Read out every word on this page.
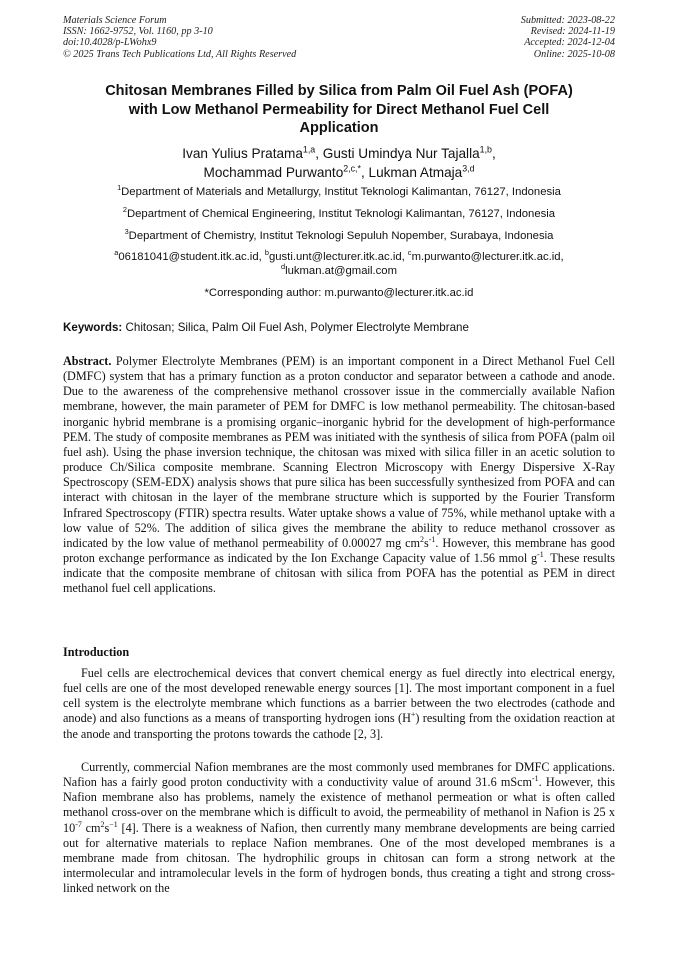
Materials Science Forum
ISSN: 1662-9752, Vol. 1160, pp 3-10
doi:10.4028/p-LWohx9
© 2025 Trans Tech Publications Ltd, All Rights Reserved
Submitted: 2023-08-22
Revised: 2024-11-19
Accepted: 2024-12-04
Online: 2025-10-08
Chitosan Membranes Filled by Silica from Palm Oil Fuel Ash (POFA)
with Low Methanol Permeability for Direct Methanol Fuel Cell
Application
Ivan Yulius Pratama$^{1,a}$, Gusti Umindya Nur Tajalla$^{1,b}$,
Mochammad Purwanto$^{2,c,*}$, Lukman Atmaja$^{3,d}$
$^1$Department of Materials and Metallurgy, Institut Teknologi Kalimantan, 76127, Indonesia
$^2$Department of Chemical Engineering, Institut Teknologi Kalimantan, 76127, Indonesia
$^3$Department of Chemistry, Institut Teknologi Sepuluh Nopember, Surabaya, Indonesia
$^a$06181041@student.itk.ac.id, $^b$gusti.unt@lecturer.itk.ac.id, $^c$m.purwanto@lecturer.itk.ac.id,
$^d$lukman.at@gmail.com
*Corresponding author: m.purwanto@lecturer.itk.ac.id
Keywords: Chitosan; Silica, Palm Oil Fuel Ash, Polymer Electrolyte Membrane
Abstract. Polymer Electrolyte Membranes (PEM) is an important component in a Direct Methanol Fuel Cell (DMFC) system that has a primary function as a proton conductor and separator between a cathode and anode. Due to the awareness of the comprehensive methanol crossover issue in the commercially available Nafion membrane, however, the main parameter of PEM for DMFC is low methanol permeability. The chitosan-based inorganic hybrid membrane is a promising organic–inorganic hybrid for the development of high-performance PEM. The study of composite membranes as PEM was initiated with the synthesis of silica from POFA (palm oil fuel ash). Using the phase inversion technique, the chitosan was mixed with silica filler in an acetic solution to produce Ch/Silica composite membrane. Scanning Electron Microscopy with Energy Dispersive X-Ray Spectroscopy (SEM-EDX) analysis shows that pure silica has been successfully synthesized from POFA and can interact with chitosan in the layer of the membrane structure which is supported by the Fourier Transform Infrared Spectroscopy (FTIR) spectra results. Water uptake shows a value of 75%, while methanol uptake with a low value of 52%. The addition of silica gives the membrane the ability to reduce methanol crossover as indicated by the low value of methanol permeability of 0.00027 mg $cm^2s^{-1}$. However, this membrane has good proton exchange performance as indicated by the Ion Exchange Capacity value of 1.56 mmol $g^{-1}$. These results indicate that the composite membrane of chitosan with silica from POFA has the potential as PEM in direct methanol fuel cell applications.
Introduction
Fuel cells are electrochemical devices that convert chemical energy as fuel directly into electrical energy, fuel cells are one of the most developed renewable energy sources [1]. The most important component in a fuel cell system is the electrolyte membrane which functions as a barrier between the two electrodes (cathode and anode) and also functions as a means of transporting hydrogen ions (H+) resulting from the oxidation reaction at the anode and transporting the protons towards the cathode [2, 3].
Currently, commercial Nafion membranes are the most commonly used membranes for DMFC applications. Nafion has a fairly good proton conductivity with a conductivity value of around 31.6 mScm$^{-1}$. However, this Nafion membrane also has problems, namely the existence of methanol permeation or what is often called methanol cross-over on the membrane which is difficult to avoid, the permeability of methanol in Nafion is 25 x $10^{-7}$ $cm^2s^{-1}$ [4]. There is a weakness of Nafion, then currently many membrane developments are being carried out for alternative materials to replace Nafion membranes. One of the most developed membranes is a membrane made from chitosan. The hydrophilic groups in chitosan can form a strong network at the intermolecular and intramolecular levels in the form of hydrogen bonds, thus creating a tight and strong cross-linked network on the
